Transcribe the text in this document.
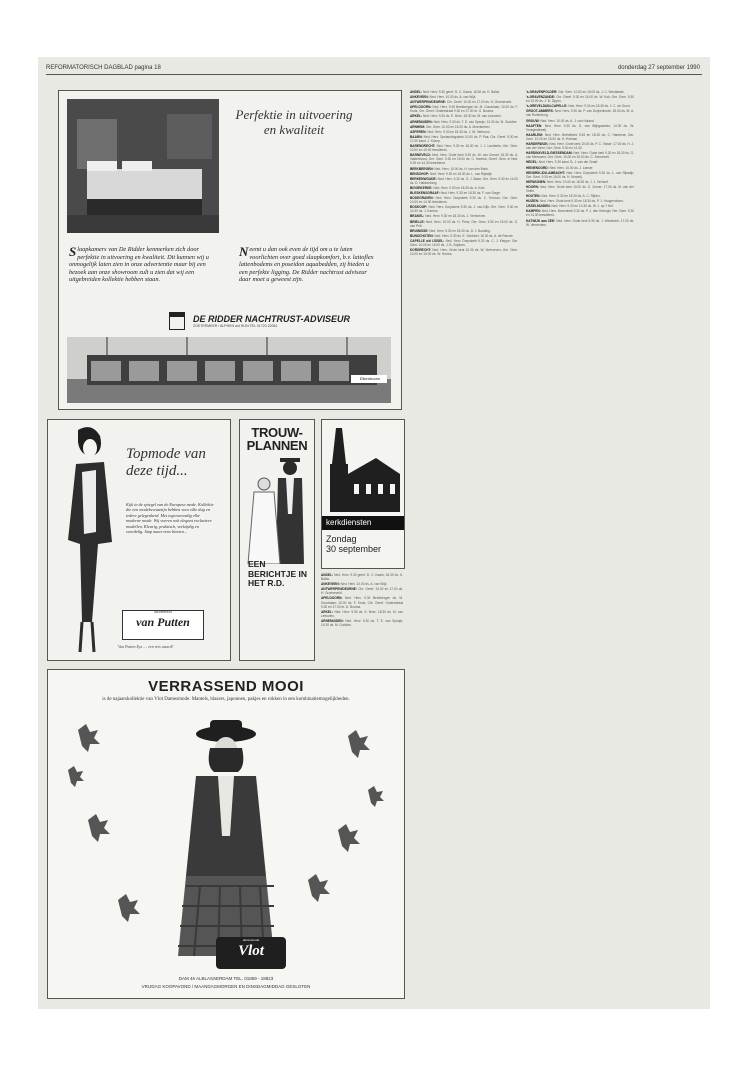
REFORMATORISCH DAGBLAD pagina 18	donderdag 27 september 1990
Perfektie in uitvoering en kwaliteit
Slaapkamers van De Ridder kenmerken zich door perfektie in uitvoering en kwaliteit. Dit kunnen wij u onmogelijk laten zien in onze advertentie maar bij een bezoek aan onze showroom zult u zien dat wij een uitgebreiden kollektie hebben staan.
Neemt u dan ook even de tijd om u te laten voorlichten over goed slaapkomfort, b.v. lattoflex lattenbodems en poseidon aquabedden, zij bieden u een perfekte ligging. De Ridder nachtrust adviseur daar moet u geweest zijn.
DE RIDDER NACHTRUST-ADVISEUR
ZOETERMEER / ALPHEN a/d RIJN TEL 01720-22051
Eikenboom
Topmode van deze tijd...
Kijk in de spiegel van de Europese mode. Kollektie die een modebewustzijn hebben voor elke dag en iedere gelegenheid. Met tegenwoordig elke moderne mode. Wij voeren ook elegant exclusieve modellen. Kleurig, praktisch, veelzijdig en voordelig. Stap maar eens binnen...
MODEHUIS
van Putten
Van Putten Eys .... een reis waard!
TROUW- PLANNEN
EEN BERICHTJE IN HET R.D.
kerkdiensten
Zondag
30 september

ANDEL: Ned. Herv. 9.30 geref. D. C. Kaars; 18.30 ds. K. Baldo.

ANKEVEEN: Ned. Herv. 10.00 ds. A. van Wijk.

ANTWERPEN/DEURNE: Chr. Geref. 10.00 en 17.00 ds. H. Groeneveld.

APELDOORN: Ned. Herv. 9.30 Beekbergen ds. M. Goudriaan; 10.00 ds. F. Kruis; Chr. Geref. Oosterstraat 9.30 en 17.00 dr. G. Bouma.

ARKEL: Ned. Herv. 9.30 ds. E. Boer; 18.30 ds. M. van Leeuwen.

ARNEMUIDEN: Ned. Herv. 9.30 ds. T. E. van Spanje; 14.30 ds. M. Guddee.

ARNHEM: Ger. Gem. 10.00 en 16.00 ds. A. Moerkerken.

ASPEREN: Ned. Herv. 9.30 en 18.30 ds. J. W. Verboom.

BAARN: Ned. Herv. Opstandingskerk 10.00 ds. P. Pas; Chr. Geref. 9.30 en 17.00 kand. J. Klomp.

BARENDRECHT: Ned. Herv. 9.30 en 18.30 ds. J. J. Lamberts; Ger. Gem. 10.00 en 15.00 leesdienst.

BARNEVELD: Ned. Herv. Oude kerk 9.30 ds. W. van Gorsel; 18.30 ds. A. Vastenhoud; Ger. Gem. 9.30 en 15.00 ds. C. Harinck; Geref. Gem. in Ned. 9.30 en 14.30 leesdienst.

BEEKBERGEN: Ned. Herv. 10.00 ds. H. van den Brink.

BENSCHOP: Ned. Herv. 9.30 en 18.30 ds. L. van Rijswijk.

BERKENWOUDE: Ned. Herv. 9.30 ds. G. J. Baan; Ger. Gem. 9.30 en 14.00 ds. D. Hakkenberg.

BIGGEKERKE: Ned. Herv. 9.30 en 18.30 ds. A. Kort.

BLESKENSGRAAF: Ned. Herv. 9.30 en 18.30 ds. F. van Sorge.

BODEGRAVEN: Ned. Herv. Dorpskerk 9.30 ds. C. Terlouw; Ger. Gem. 10.00 en 14.30 leesdienst.

BOSKOOP: Ned. Herv. Dorpskerk 9.30 ds. J. van Dijk; Ger. Gem. 9.30 en 14.30 ds. J. Karens.

BRAKEL: Ned. Herv. 9.30 en 18.30 ds. J. Verhoeven.

BRIELLE: Ned. Herv. 10.00 ds. H. Prins; Ger. Gem. 9.30 en 15.00 ds. G. van Pelt.

BRUINISSE: Ned. Herv. 9.30 en 18.30 ds. D. J. Budding.

BUNSCHOTEN: Ned. Herv. 9.30 ds. E. Schinkel; 18.30 ds. A. de Reuver.

CAPELLE a/d IJSSEL: Ned. Herv. Dorpskerk 9.30 ds. C. J. Kleppe; Ger. Gem. 10.00 en 15.00 ds. J. B. Zuijdam.

DORDRECHT: Ned. Herv. Grote kerk 10.00 ds. W. Verhoeven; Ger. Gem. 10.00 en 15.00 ds. W. Hovius.

's-GRAVENPOLDER: Ger. Gem. 10.00 en 15.00 ds. J. C. Weststrate.

's-GRAVENZANDE: Chr. Geref. 9.30 en 16.00 ds. W. Kok; Ger. Gem. 9.30 en 15.00 ds. J. B. Zippro.

's-GREVELDUIN-CAPELLE: Ned. Herv. 9.30 en 18.30 ds. J. C. de Groot.

GROOT-AMMERS: Ned. Herv. 9.30 ds. P. van Duijvenbode; 18.30 ds. M. A. van Ruitenburg.

GROUW: Ned. Herv. 10.00 ds. A. J. van Nuland.

HAAFTEN: Ned. Herv. 9.30 ds. G. van Wijngaarden; 14.30 ds. W. Vroegindeweij.

HAARLEM: Ned. Herv. Bethelkerk 9.45 en 18.30 ds. C. Harkema; Ger. Gem. 10.00 en 15.00 ds. H. Hofman.

HARDERWIJK: Ned. Herv. Grote kerk 10.00 ds. P. C. Visser; 17.00 ds. H. J. van der Veen; Ger. Gem. 9.30 en 14.30.

HARDINXVELD-GIESSENDAM: Ned. Herv. Oude kerk 9.30 en 18.30 ds. G. van Meeuwen; Ger. Gem. 10.00 en 15.00 ds. C. Sonnevelt.

HEDEL: Ned. Herv. 9.30 kand. B. J. van der Graaf.

HEINENOORD: Ned. Herv. 10.00 ds. J. Lanser.

HENDRIK-IDO-AMBACHT: Ned. Herv. Dorpskerk 9.30 ds. L. van Rijswijk; Ger. Gem. 9.30 en 15.00 ds. H. Verweij.

HERWIJNEN: Ned. Herv. 10.00 en 18.30 ds. J. J. Verhoef.

HOORN: Ned. Herv. Grote kerk 10.00 ds. G. Zomer; 17.00 ds. M. van der Velde.

HOUTEN: Ned. Herv. 9.30 en 18.30 ds. A. C. Rijken.

HUIZEN: Ned. Herv. Oude kerk 9.30 en 18.30 ds. P. J. Hoogendoorn.

IJSSELMUIDEN: Ned. Herv. 9.30 en 14.30 ds. W. J. op 't Hof.

KAMPEN: Ned. Herv. Bovenkerk 9.30 ds. P. J. den Hertogh; Ger. Gem. 9.30 en 14.30 leesdienst.

KATWIJK aan ZEE: Ned. Herv. Oude kerk 9.30 ds. J. Westerink; 17.00 ds. W. Vermeulen.

ANDEL: Ned. Herv. 9.30 geref. D. C. Kaars; 18.30 ds. K. Baldo.

ANKEVEEN: Ned. Herv. 10.00 ds. A. van Wijk.

ANTWERPEN/DEURNE: Chr. Geref. 10.00 en 17.00 ds. H. Groeneveld.

APELDOORN: Ned. Herv. 9.30 Beekbergen ds. M. Goudriaan; 10.00 ds. F. Kruis; Chr. Geref. Oosterstraat 9.30 en 17.00 dr. G. Bouma.

ARKEL: Ned. Herv. 9.30 ds. E. Boer; 18.30 ds. M. van Leeuwen.

ARNEMUIDEN: Ned. Herv. 9.30 ds. T. E. van Spanje; 14.30 ds. M. Guddee.

VERRASSEND MOOI
is de najaarskollektie van Vlot Damesmode. Mantels, blazers, japonnen, pakjes en rokken in een kombinatiemogelijkheden.
damesmode
Vlot
DAM 46 ALBLASSERDAM TEL. 01859 - 18823
VRIJDAG KOOPAVOND / MAANDAGMORGEN EN DINSDAGMIDDAG GESLOTEN
